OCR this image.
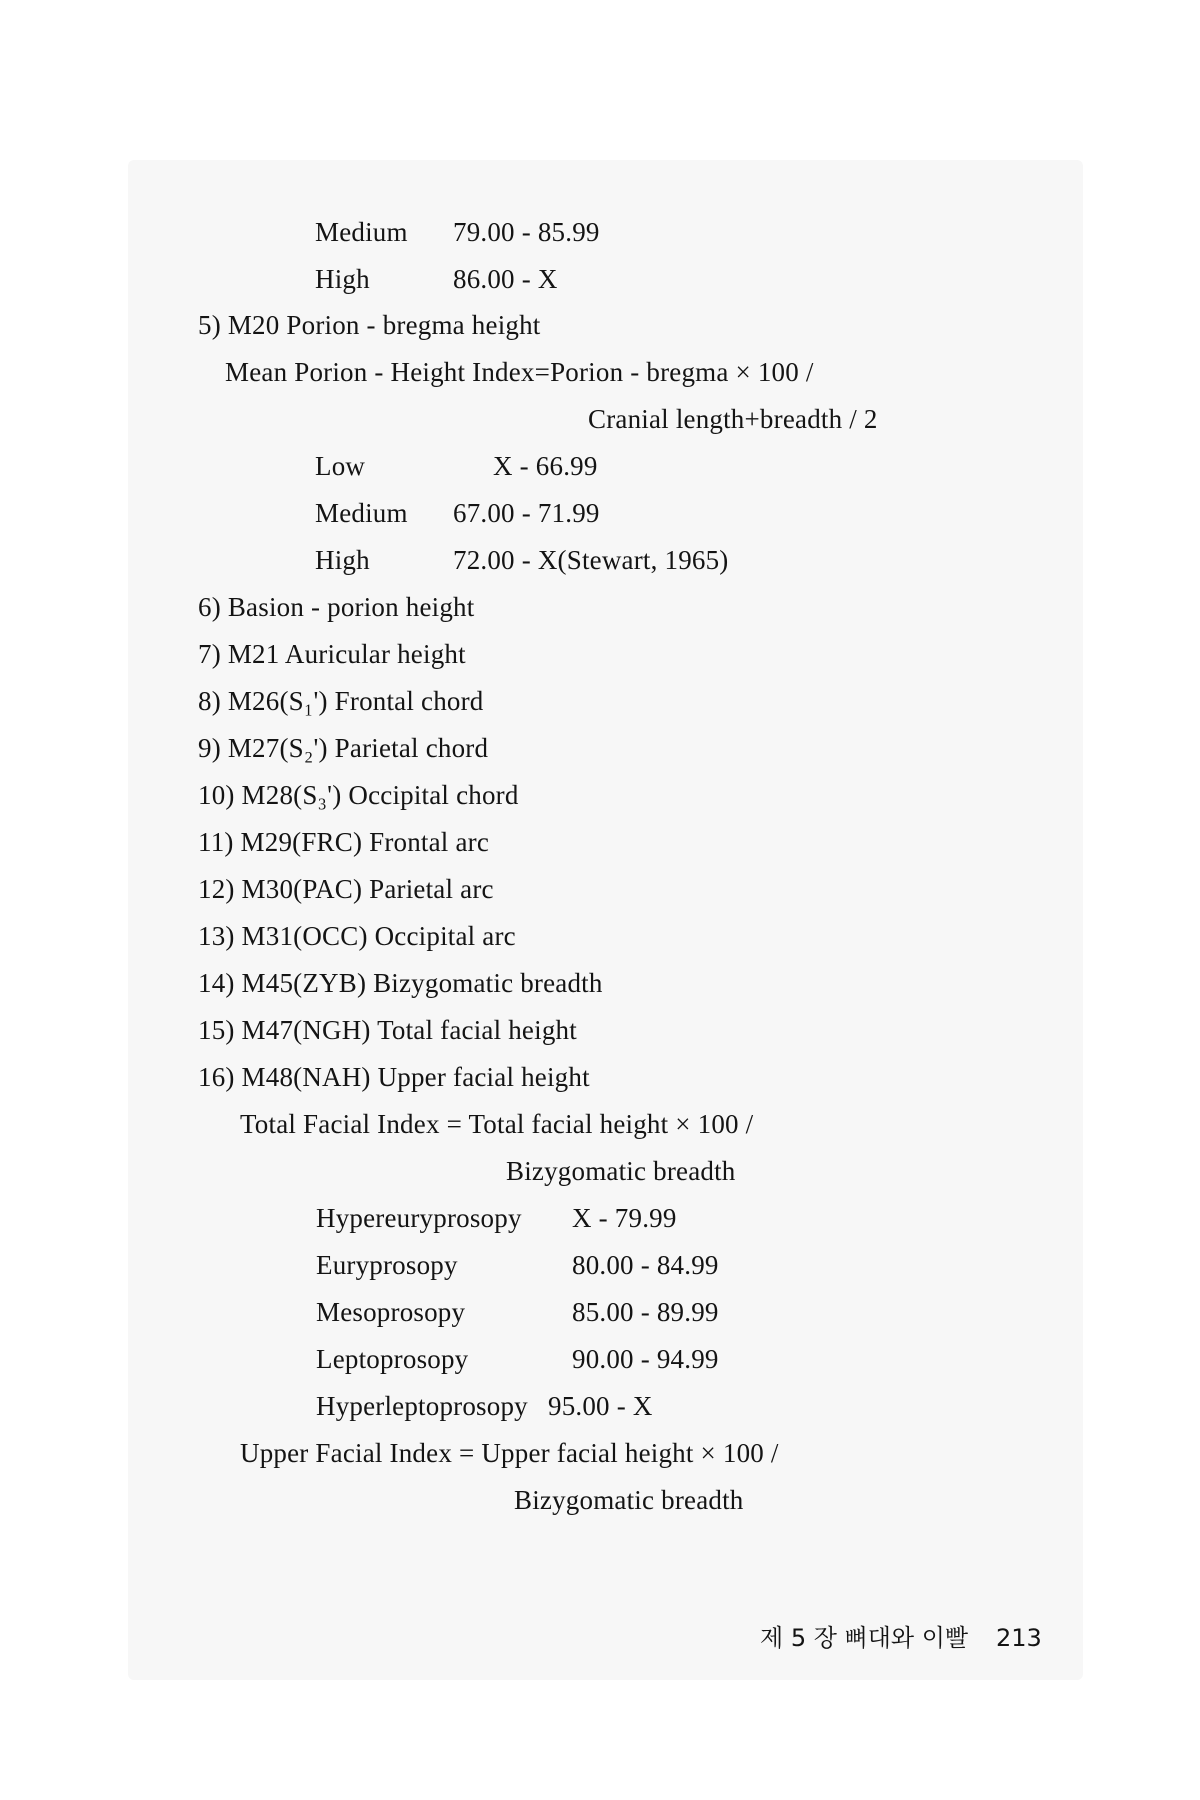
Medium 79.00 - 85.99
High	86.00 - X
5) M20 Porion - bregma height
Mean Porion - Height Index=Porion - bregma × 100 /
Cranial length+breadth / 2
Low	X - 66.99
Medium 67.00 - 71.99
High	72.00 - X(Stewart, 1965)
6) Basion - porion height
7) M21 Auricular height
8) M26(S₁') Frontal chord
9) M27(S₂') Parietal chord
10) M28(S₃') Occipital chord
11) M29(FRC) Frontal arc
12) M30(PAC) Parietal arc
13) M31(OCC) Occipital arc
14) M45(ZYB) Bizygomatic breadth
15) M47(NGH) Total facial height
16) M48(NAH) Upper facial height
Total Facial Index = Total facial height × 100 /
Bizygomatic breadth
Hypereuryprosopy X - 79.99
Euryprosopy	80.00 - 84.99
Mesoprosopy	85.00 - 89.99
Leptoprosopy	90.00 - 94.99
Hyperleptoprosopy 95.00 - X
Upper Facial Index = Upper facial height × 100 /
Bizygomatic breadth
제 5 장 뼈대와 이빨 213
